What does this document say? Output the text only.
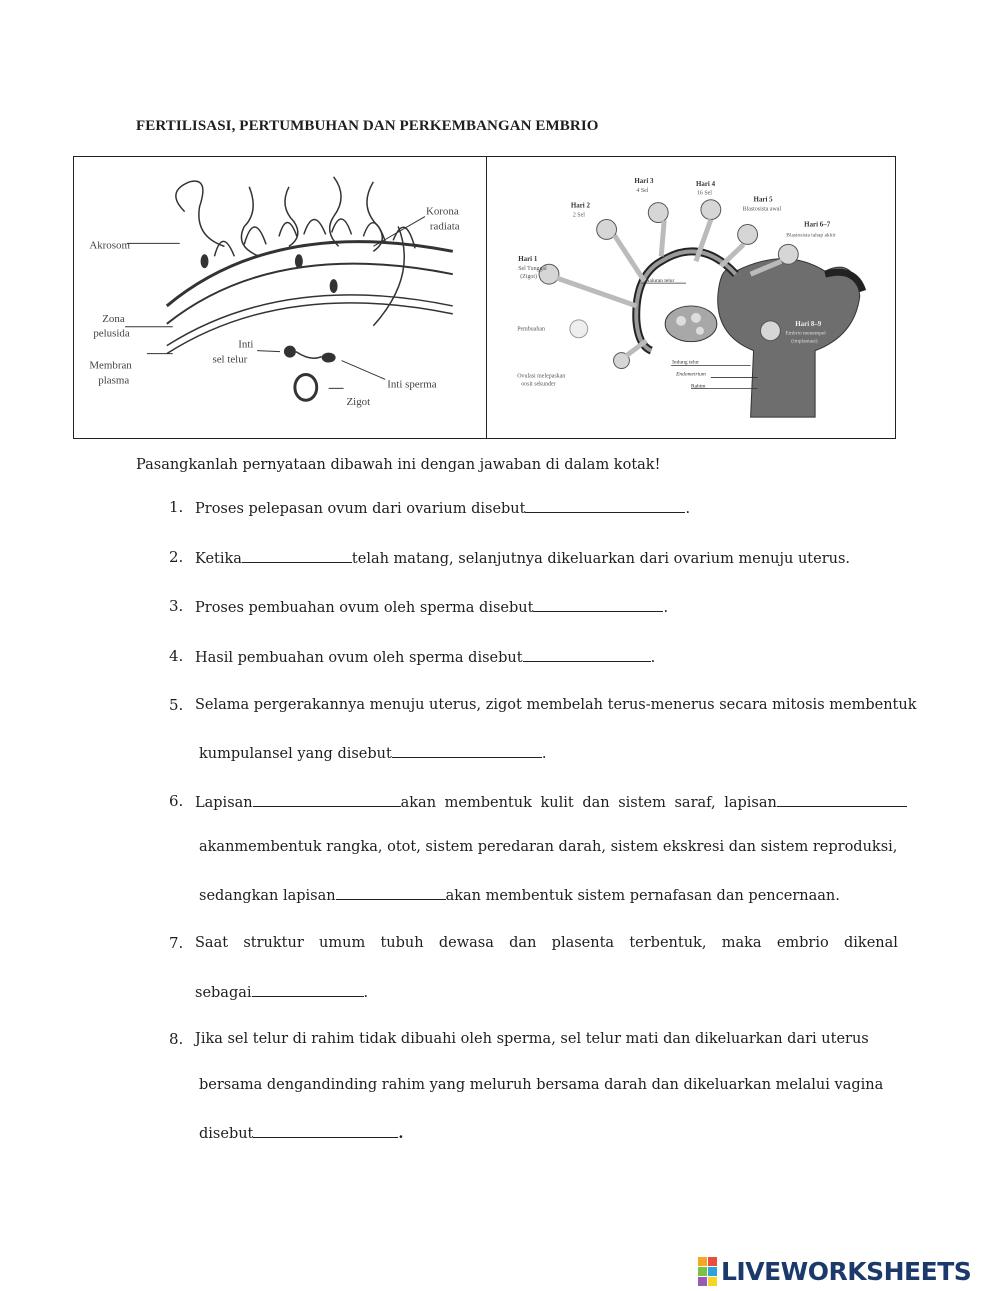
FERTILISASI, PERTUMBUHAN DAN PERKEMBANGAN EMBRIO
Akrosom
Korona
radiata
Zona
pelusida
Membran
plasma
Inti
sel telur
Inti sperma
Zigot
Hari 3
4 Sel
Hari 4
16 Sel
Hari 2
2 Sel
Hari 5
Blastosista awal
Hari 6–7
Blastosista tahap akhir
Hari 1
Sel Tunggal
(Zigot)
Saluran telur
Pembuahan
Hari 8–9
Embrio menempel
(implantasi)
Indung telur
Endometrium
Rahim
Ovulasi melepaskan
oosit sekunder
Pasangkanlah pernyataan dibawah ini dengan jawaban di dalam kotak!
1. Proses pelepasan ovum dari ovarium disebut	.
2. Ketika	telah matang, selanjutnya dikeluarkan dari ovarium menuju uterus.
3. Proses pembuahan ovum oleh sperma disebut	.
4. Hasil pembuahan ovum oleh sperma disebut	.
5. Selama pergerakannya menuju uterus, zigot membelah terus-menerus secara mitosis membentuk
kumpulansel yang disebut	.
6. Lapisan	akan membentuk kulit dan sistem saraf, lapisan
akanmembentuk rangka, otot, sistem peredaran darah, sistem ekskresi dan sistem reproduksi,
sedangkan lapisan	akan membentuk sistem pernafasan dan pencernaan.
7. Saat struktur umum tubuh dewasa dan plasenta terbentuk, maka embrio dikenal
sebagai	.
8. Jika sel telur di rahim tidak dibuahi oleh sperma, sel telur mati dan dikeluarkan dari uterus
bersama dengandinding rahim yang meluruh bersama darah dan dikeluarkan melalui vagina
disebut	.
LIVEWORKSHEETS
